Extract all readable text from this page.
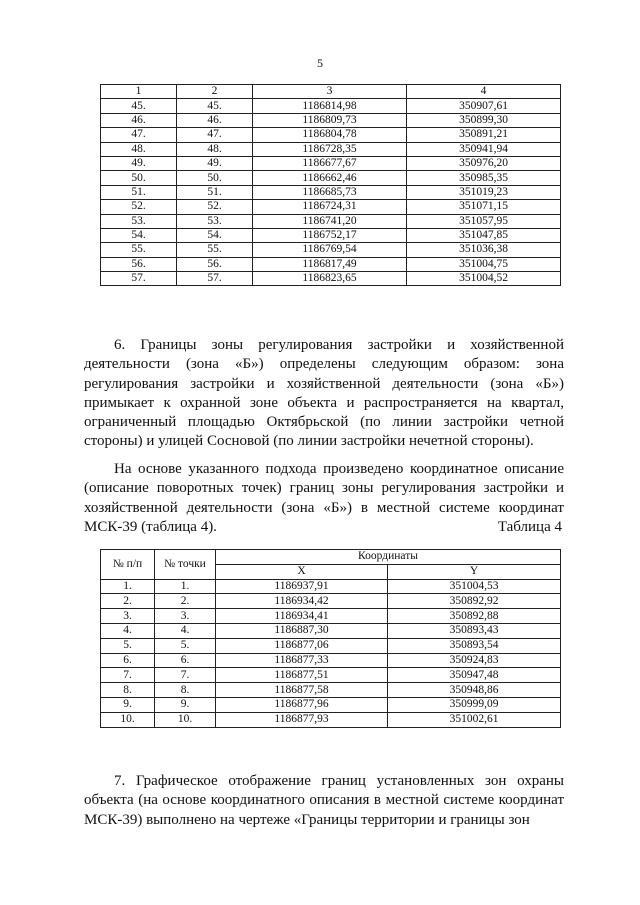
5
1	2	3	4
45.	45.	1186814,98	350907,61
46.	46.	1186809,73	350899,30
47.	47.	1186804,78	350891,21
48.	48.	1186728,35	350941,94
49.	49.	1186677,67	350976,20
50.	50.	1186662,46	350985,35
51.	51.	1186685,73	351019,23
52.	52.	1186724,31	351071,15
53.	53.	1186741,20	351057,95
54.	54.	1186752,17	351047,85
55.	55.	1186769,54	351036,38
56.	56.	1186817,49	351004,75
57.	57.	1186823,65	351004,52

6. Границы зоны регулирования застройки и хозяйственной деятельности (зона «Б») определены следующим образом: зона регулирования застройки и хозяйственной деятельности (зона «Б») примыкает к охранной зоне объекта и распространяется на квартал, ограниченный площадью Октябрьской (по линии застройки четной стороны) и улицей Сосновой (по линии застройки нечетной стороны).

На основе указанного подхода произведено координатное описание (описание поворотных точек) границ зоны регулирования застройки и хозяйственной деятельности (зона «Б») в местной системе координат МСК-39 (таблица 4).	Таблица 4
№ п/п	№ точки	Координаты	
		X	Y
1.	1.	1186937,91	351004,53
2.	2.	1186934,42	350892,92
3.	3.	1186934,41	350892,88
4.	4.	1186887,30	350893,43
5.	5.	1186877,06	350893,54
6.	6.	1186877,33	350924,83
7.	7.	1186877,51	350947,48
8.	8.	1186877,58	350948,86
9.	9.	1186877,96	350999,09
10.	10.	1186877,93	351002,61

7. Графическое отображение границ установленных зон охраны объекта (на основе координатного описания в местной системе координат МСК-39) выполнено на чертеже «Границы территории и границы зон
